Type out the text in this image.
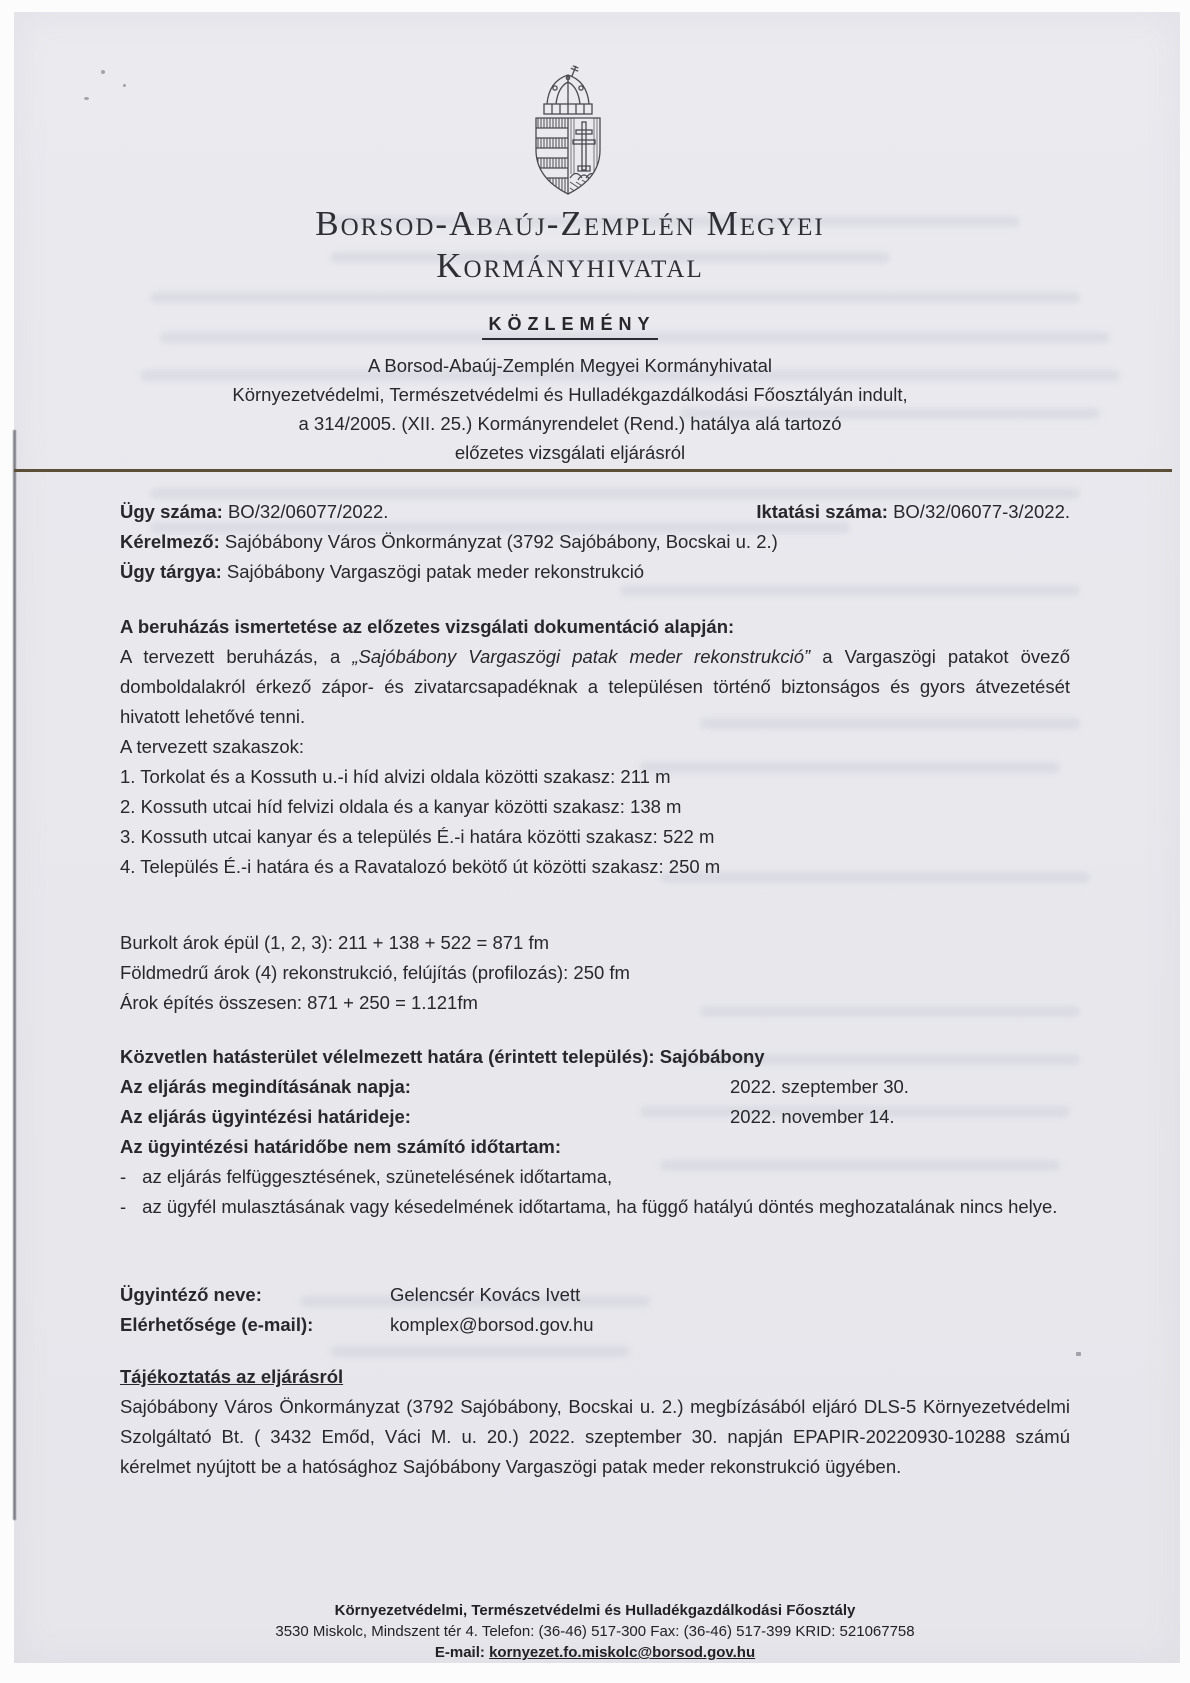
Borsod-Abaúj-Zemplén Megyei
Kormányhivatal
KÖZLEMÉNY
A Borsod-Abaúj-Zemplén Megyei Kormányhivatal
Környezetvédelmi, Természetvédelmi és Hulladékgazdálkodási Főosztályán indult,
a 314/2005. (XII. 25.) Kormányrendelet (Rend.) hatálya alá tartozó
előzetes vizsgálati eljárásról
Ügy száma: BO/32/06077/2022.	Iktatási száma: BO/32/06077-3/2022.
Kérelmező: Sajóbábony Város Önkormányzat (3792 Sajóbábony, Bocskai u. 2.)
Ügy tárgya: Sajóbábony Vargaszögi patak meder rekonstrukció
A beruházás ismertetése az előzetes vizsgálati dokumentáció alapján:
A tervezett beruházás, a „Sajóbábony Vargaszögi patak meder rekonstrukció” a Vargaszögi patakot övező domboldalakról érkező zápor- és zivatarcsapadéknak a településen történő biztonságos és gyors átvezetését hivatott lehetővé tenni.
A tervezett szakaszok:
1. Torkolat és a Kossuth u.-i híd alvizi oldala közötti szakasz: 211 m
2. Kossuth utcai híd felvizi oldala és a kanyar közötti szakasz: 138 m
3. Kossuth utcai kanyar és a település É.-i határa közötti szakasz: 522 m
4. Település É.-i határa és a Ravatalozó bekötő út közötti szakasz: 250 m
Burkolt árok épül (1, 2, 3): 211 + 138 + 522 = 871 fm
Földmedrű árok (4) rekonstrukció, felújítás (profilozás): 250 fm
Árok építés összesen: 871 + 250 = 1.121fm
Közvetlen hatásterület vélelmezett határa (érintett település): Sajóbábony
Az eljárás megindításának napja:	2022. szeptember 30.
Az eljárás ügyintézési határideje:	2022. november 14.
Az ügyintézési határidőbe nem számító időtartam:
- az eljárás felfüggesztésének, szünetelésének időtartama,
- az ügyfél mulasztásának vagy késedelmének időtartama, ha függő hatályú döntés meghozatalának nincs helye.
Ügyintéző neve:	Gelencsér Kovács Ivett
Elérhetősége (e-mail):	komplex@borsod.gov.hu
Tájékoztatás az eljárásról
Sajóbábony Város Önkormányzat (3792 Sajóbábony, Bocskai u. 2.) megbízásából eljáró DLS-5 Környezetvédelmi Szolgáltató Bt. ( 3432 Emőd, Váci M. u. 20.) 2022. szeptember 30. napján EPAPIR-20220930-10288 számú kérelmet nyújtott be a hatósághoz Sajóbábony Vargaszögi patak meder rekonstrukció ügyében.
Környezetvédelmi, Természetvédelmi és Hulladékgazdálkodási Főosztály
3530 Miskolc, Mindszent tér 4. Telefon: (36-46) 517-300 Fax: (36-46) 517-399 KRID: 521067758
E-mail: kornyezet.fo.miskolc@borsod.gov.hu
